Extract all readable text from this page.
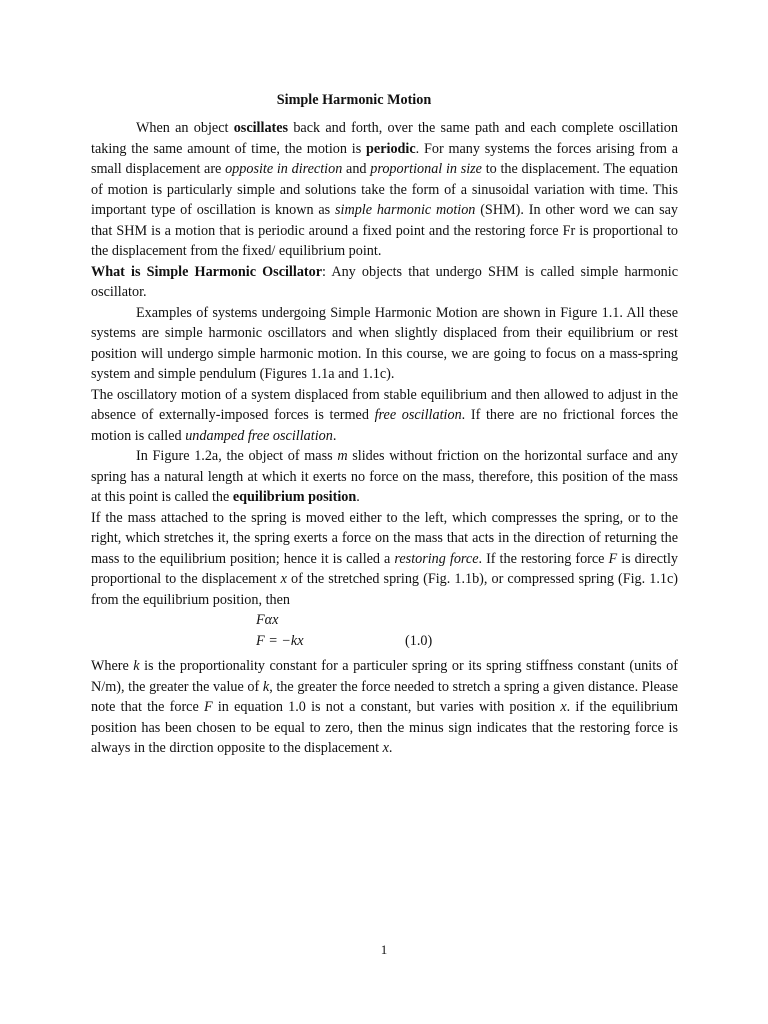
Simple Harmonic Motion

When an object oscillates back and forth, over the same path and each complete oscillation taking the same amount of time, the motion is periodic. For many systems the forces arising from a small displacement are opposite in direction and proportional in size to the displacement. The equation of motion is particularly simple and solutions take the form of a sinusoidal variation with time. This important type of oscillation is known as simple harmonic motion (SHM). In other word we can say that SHM is a motion that is periodic around a fixed point and the restoring force Fr is proportional to the displacement from the fixed/ equilibrium point.

What is Simple Harmonic Oscillator: Any objects that undergo SHM is called simple harmonic oscillator.

Examples of systems undergoing Simple Harmonic Motion are shown in Figure 1.1. All these systems are simple harmonic oscillators and when slightly displaced from their equilibrium or rest position will undergo simple harmonic motion. In this course, we are going to focus on a mass-spring system and simple pendulum (Figures 1.1a and 1.1c).

The oscillatory motion of a system displaced from stable equilibrium and then allowed to adjust in the absence of externally-imposed forces is termed free oscillation. If there are no frictional forces the motion is called undamped free oscillation.

In Figure 1.2a, the object of mass m slides without friction on the horizontal surface and any spring has a natural length at which it exerts no force on the mass, therefore, this position of the mass at this point is called the equilibrium position.

If the mass attached to the spring is moved either to the left, which compresses the spring, or to the right, which stretches it, the spring exerts a force on the mass that acts in the direction of returning the mass to the equilibrium position; hence it is called a restoring force. If the restoring force F is directly proportional to the displacement x of the stretched spring (Fig. 1.1b), or compressed spring (Fig. 1.1c) from the equilibrium position, then

Fαx
F = −kx	(1.0)

Where k is the proportionality constant for a particuler spring or its spring stiffness constant (units of N/m), the greater the value of k, the greater the force needed to stretch a spring a given distance. Please note that the force F in equation 1.0 is not a constant, but varies with position x. if the equilibrium position has been chosen to be equal to zero, then the minus sign indicates that the restoring force is always in the dirction opposite to the displacement x.

1
